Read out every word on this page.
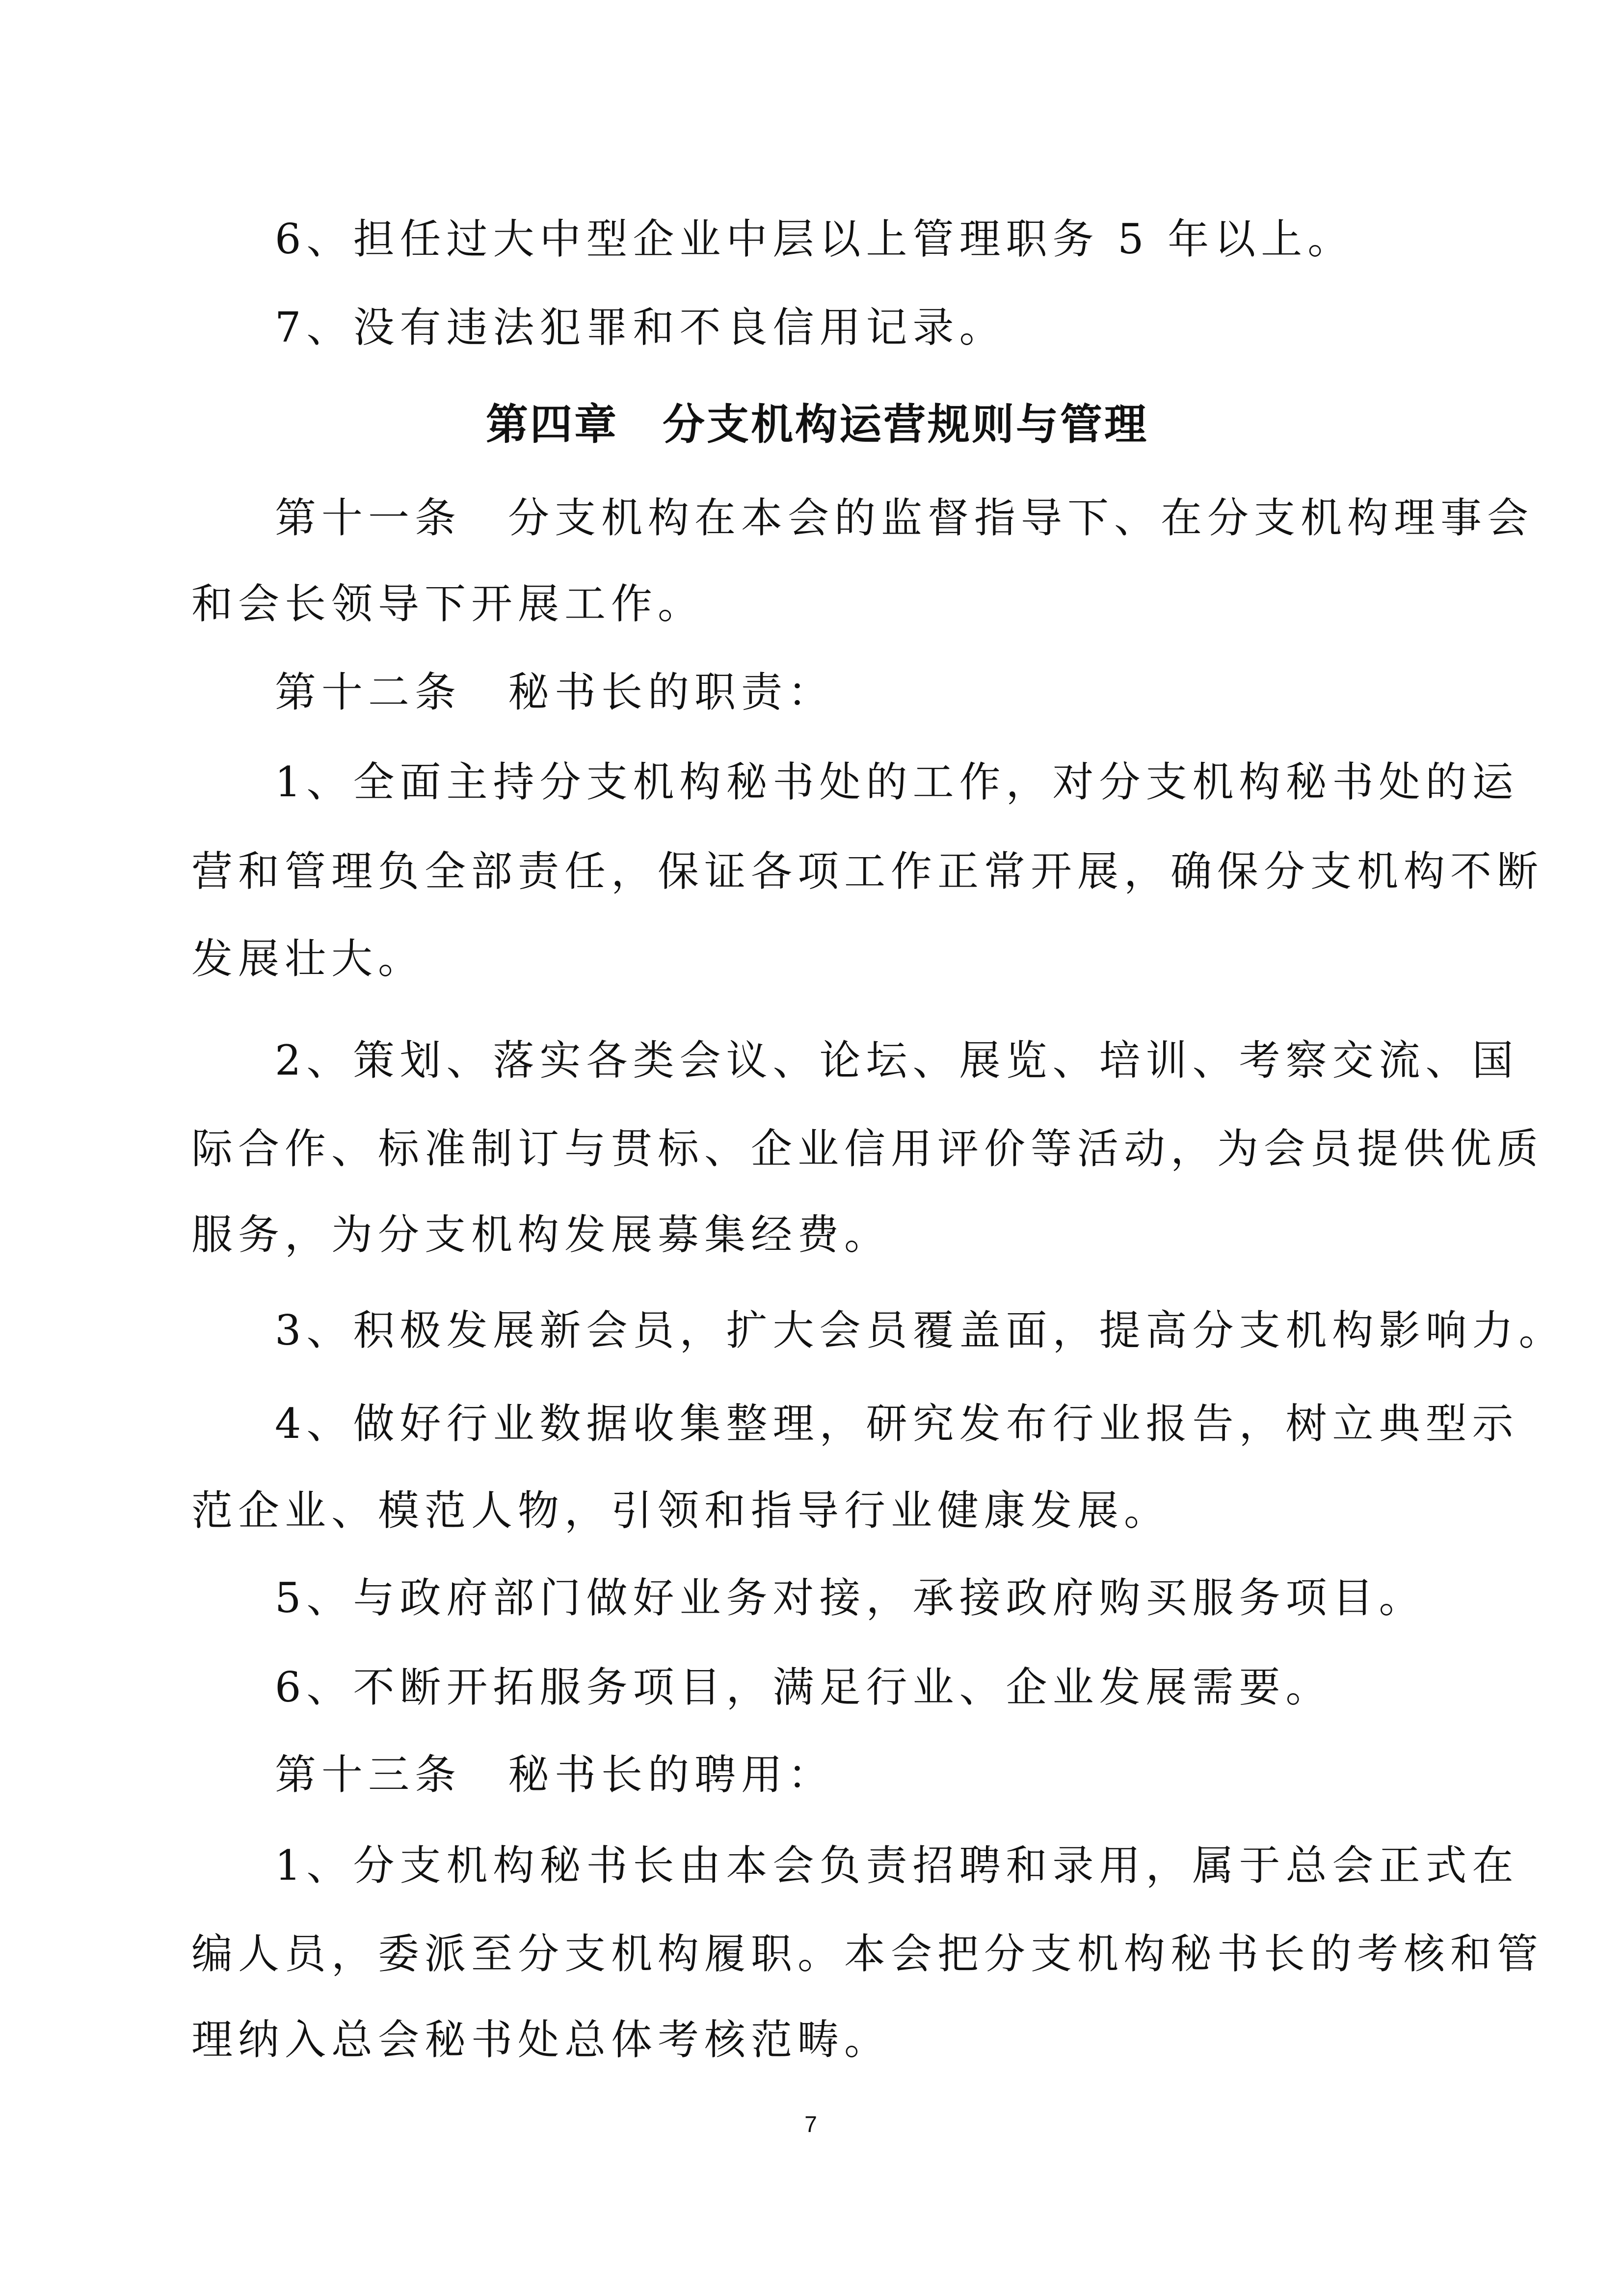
6、担任过大中型企业中层以上管理职务 5 年以上。
7、没有违法犯罪和不良信用记录。
第四章　分支机构运营规则与管理
第十一条　分支机构在本会的监督指导下、在分支机构理事会
和会长领导下开展工作。
第十二条　秘书长的职责：
1、全面主持分支机构秘书处的工作，对分支机构秘书处的运
营和管理负全部责任，保证各项工作正常开展，确保分支机构不断
发展壮大。
2、策划、落实各类会议、论坛、展览、培训、考察交流、国
际合作、标准制订与贯标、企业信用评价等活动，为会员提供优质
服务，为分支机构发展募集经费。
3、积极发展新会员，扩大会员覆盖面，提高分支机构影响力。
4、做好行业数据收集整理，研究发布行业报告，树立典型示
范企业、模范人物，引领和指导行业健康发展。
5、与政府部门做好业务对接，承接政府购买服务项目。
6、不断开拓服务项目，满足行业、企业发展需要。
第十三条　秘书长的聘用：
1、分支机构秘书长由本会负责招聘和录用，属于总会正式在
编人员，委派至分支机构履职。本会把分支机构秘书长的考核和管
理纳入总会秘书处总体考核范畴。
7
